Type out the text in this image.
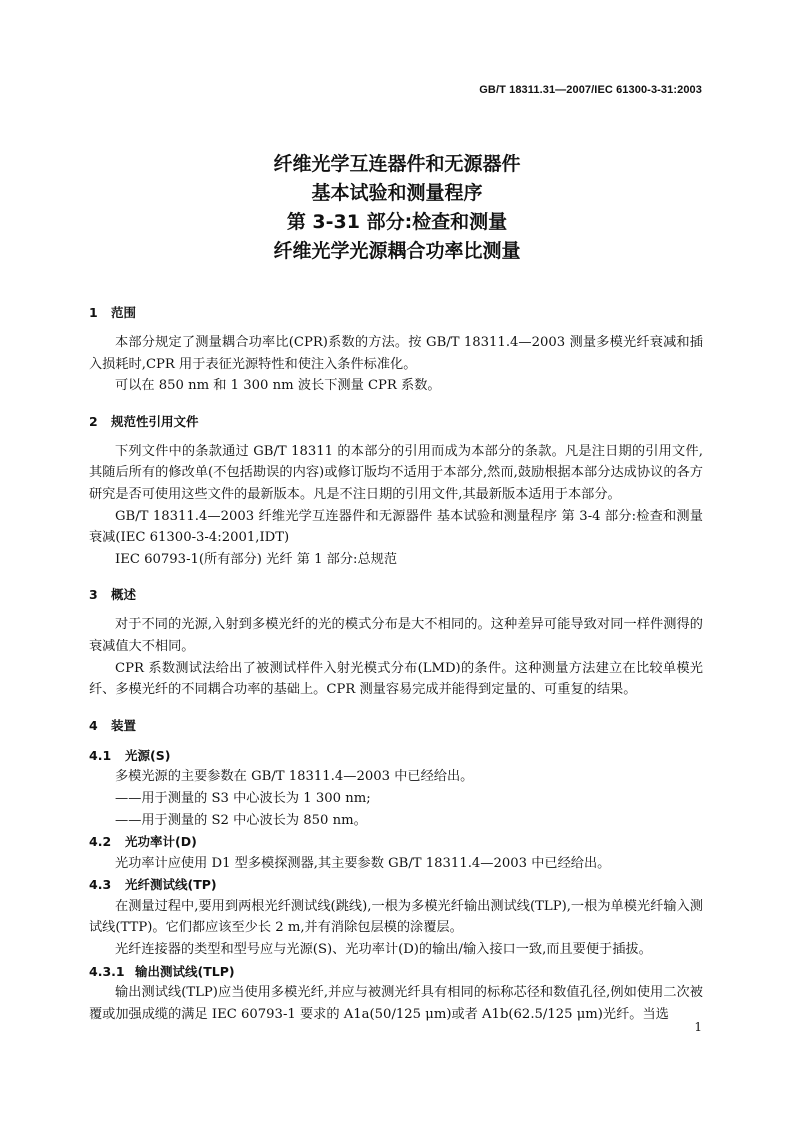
GB/T 18311.31—2007/IEC 61300-3-31:2003
纤维光学互连器件和无源器件
基本试验和测量程序
第 3-31 部分:检查和测量
纤维光学光源耦合功率比测量
1 范围

本部分规定了测量耦合功率比(CPR)系数的方法。按 GB/T 18311.4—2003 测量多模光纤衰减和插入损耗时,CPR 用于表征光源特性和使注入条件标准化。

可以在 850 nm 和 1 300 nm 波长下测量 CPR 系数。

2 规范性引用文件

下列文件中的条款通过 GB/T 18311 的本部分的引用而成为本部分的条款。凡是注日期的引用文件,其随后所有的修改单(不包括勘误的内容)或修订版均不适用于本部分,然而,鼓励根据本部分达成协议的各方研究是否可使用这些文件的最新版本。凡是不注日期的引用文件,其最新版本适用于本部分。

GB/T 18311.4—2003 纤维光学互连器件和无源器件 基本试验和测量程序 第 3-4 部分:检查和测量 衰减(IEC 61300-3-4:2001,IDT)

IEC 60793-1(所有部分) 光纤 第 1 部分:总规范

3 概述

对于不同的光源,入射到多模光纤的光的模式分布是大不相同的。这种差异可能导致对同一样件测得的衰减值大不相同。

CPR 系数测试法给出了被测试样件入射光模式分布(LMD)的条件。这种测量方法建立在比较单模光纤、多模光纤的不同耦合功率的基础上。CPR 测量容易完成并能得到定量的、可重复的结果。

4 装置
4.1 光源(S)

多模光源的主要参数在 GB/T 18311.4—2003 中已经给出。

——用于测量的 S3 中心波长为 1 300 nm;

——用于测量的 S2 中心波长为 850 nm。

4.2 光功率计(D)

光功率计应使用 D1 型多模探测器,其主要参数 GB/T 18311.4—2003 中已经给出。

4.3 光纤测试线(TP)

在测量过程中,要用到两根光纤测试线(跳线),一根为多模光纤输出测试线(TLP),一根为单模光纤输入测试线(TTP)。它们都应该至少长 2 m,并有消除包层模的涂覆层。

光纤连接器的类型和型号应与光源(S)、光功率计(D)的输出/输入接口一致,而且要便于插拔。

4.3.1 输出测试线(TLP)

输出测试线(TLP)应当使用多模光纤,并应与被测光纤具有相同的标称芯径和数值孔径,例如使用二次被覆或加强成缆的满足 IEC 60793-1 要求的 A1a(50/125 μm)或者 A1b(62.5/125 μm)光纤。当选

1
